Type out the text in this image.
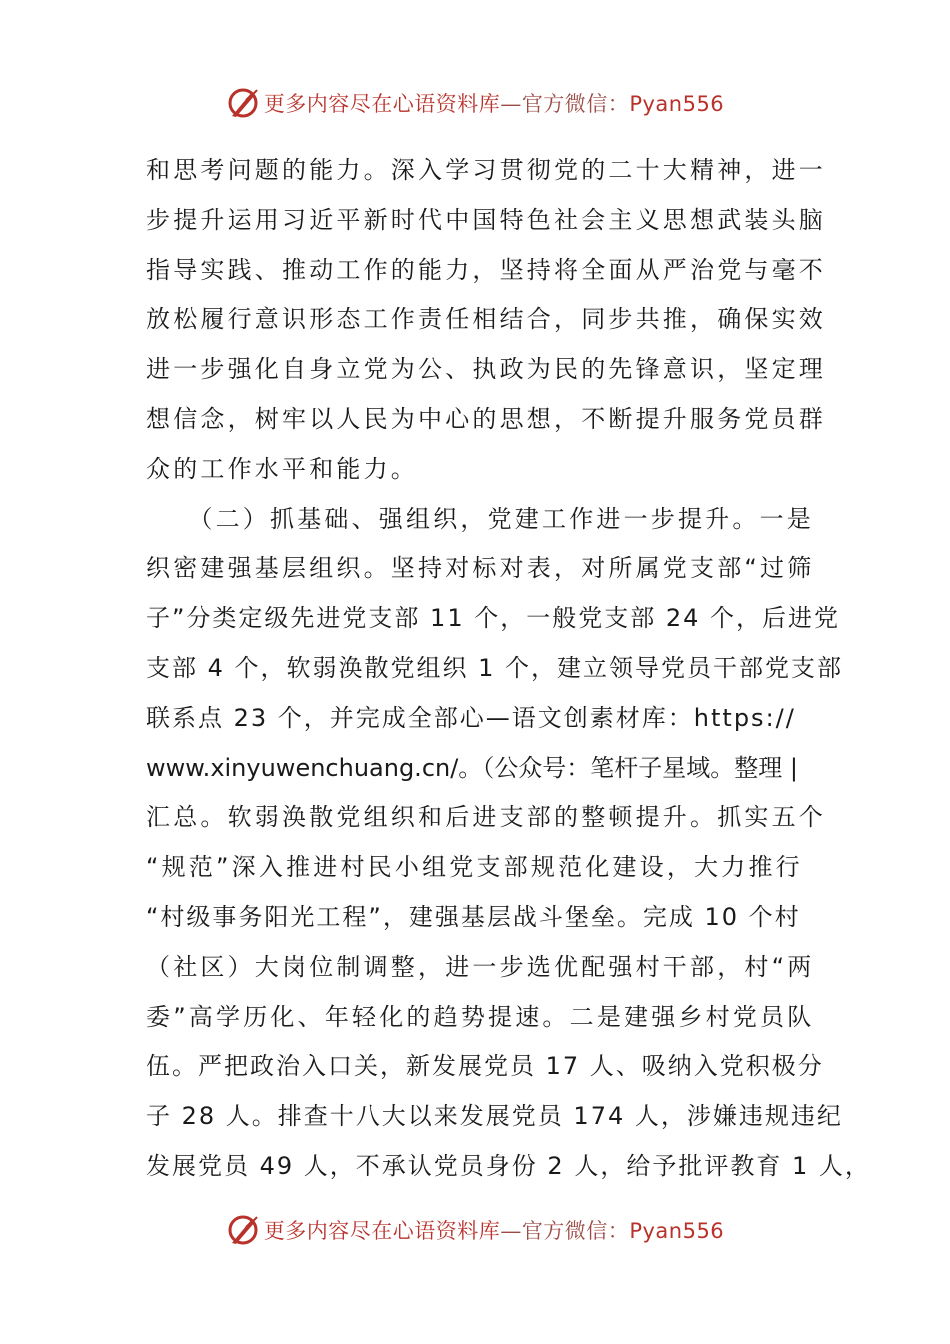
更多内容尽在心语资料库—官方微信：Pyan556
和思考问题的能力。深入学习贯彻党的二十大精神，进一
步提升运用习近平新时代中国特色社会主义思想武装头脑
指导实践、推动工作的能力，坚持将全面从严治党与毫不
放松履行意识形态工作责任相结合，同步共推，确保实效
进一步强化自身立党为公、执政为民的先锋意识，坚定理
想信念，树牢以人民为中心的思想，不断提升服务党员群
众的工作水平和能力。
　　（二）抓基础、强组织，党建工作进一步提升。一是
织密建强基层组织。坚持对标对表，对所属党支部“过筛
子”分类定级先进党支部 11 个，一般党支部 24 个，后进党
支部 4 个，软弱涣散党组织 1 个，建立领导党员干部党支部
联系点 23 个，并完成全部心—语文创素材库：https://
www.xinyuwenchuang.cn/。（公众号：笔杆子星域。整理 |
汇总。软弱涣散党组织和后进支部的整顿提升。抓实五个
“规范”深入推进村民小组党支部规范化建设，大力推行
“村级事务阳光工程”，建强基层战斗堡垒。完成 10 个村
（社区）大岗位制调整，进一步选优配强村干部，村“两
委”高学历化、年轻化的趋势提速。二是建强乡村党员队
伍。严把政治入口关，新发展党员 17 人、吸纳入党积极分
子 28 人。排查十八大以来发展党员 174 人，涉嫌违规违纪
发展党员 49 人，不承认党员身份 2 人，给予批评教育 1 人，
更多内容尽在心语资料库—官方微信：Pyan556
